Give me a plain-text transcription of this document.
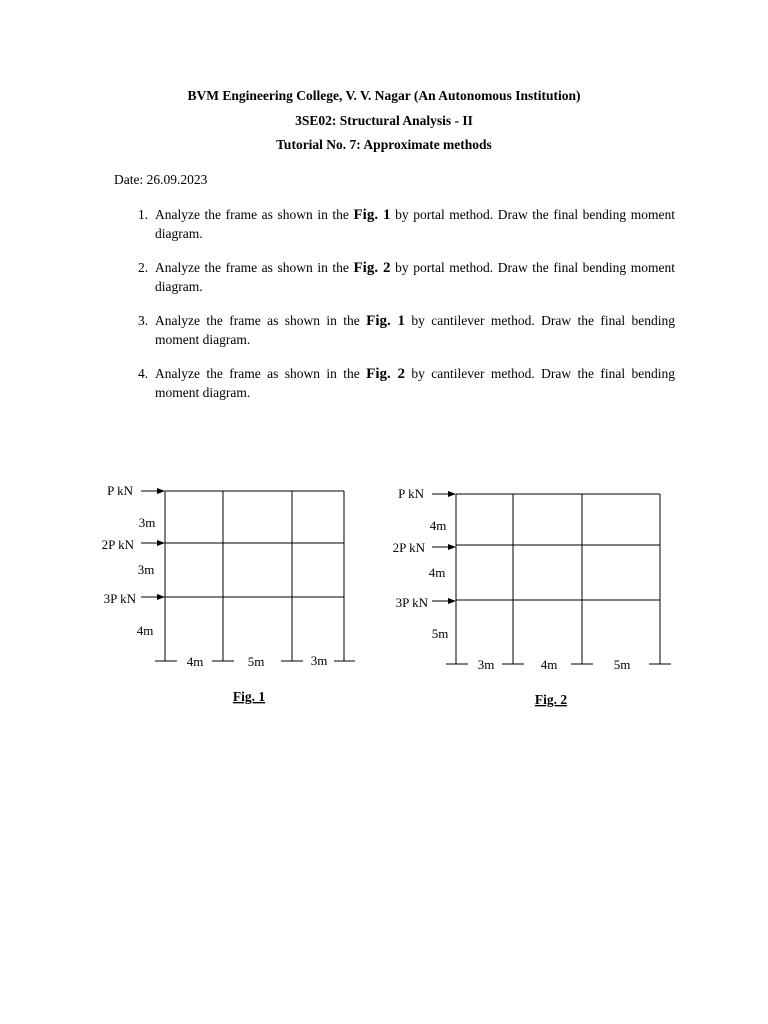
BVM Engineering College, V. V. Nagar (An Autonomous Institution)
3SE02: Structural Analysis - II
Tutorial No. 7: Approximate methods
Date: 26.09.2023
1. Analyze the frame as shown in the Fig. 1 by portal method. Draw the final bending moment diagram.
2. Analyze the frame as shown in the Fig. 2 by portal method. Draw the final bending moment diagram.
3. Analyze the frame as shown in the Fig. 1 by cantilever method. Draw the final bending moment diagram.
4. Analyze the frame as shown in the Fig. 2 by cantilever method. Draw the final bending moment diagram.
P kN
2P kN
3P kN
3m
3m
4m
4m	5m	3m
Fig. 1
P kN
2P kN
3P kN
4m
4m
5m
3m	4m	5m
Fig. 2
